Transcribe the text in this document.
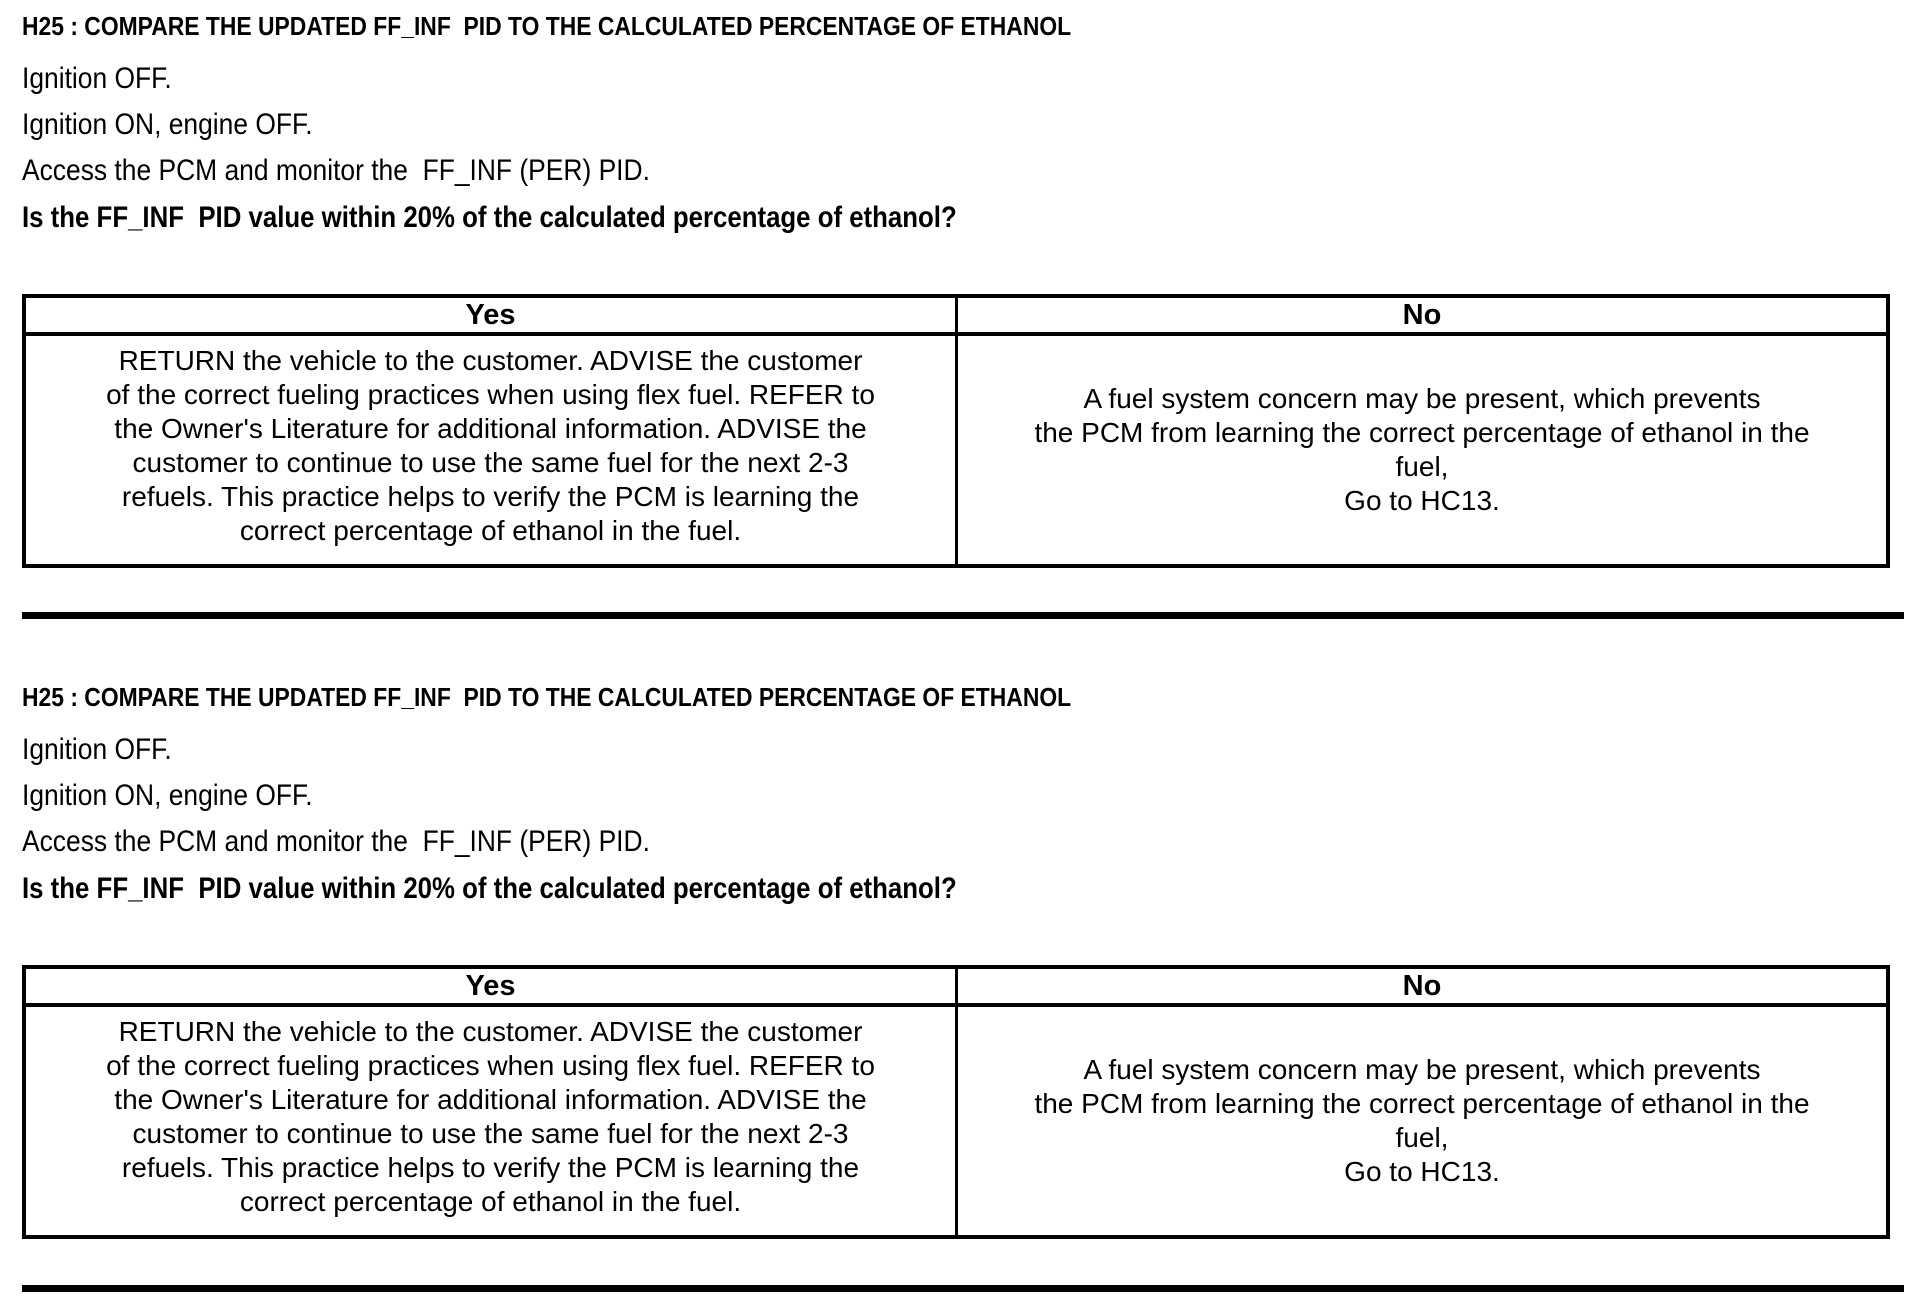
H25 : COMPARE THE UPDATED FF_INF  PID TO THE CALCULATED PERCENTAGE OF ETHANOL
Ignition OFF.
Ignition ON, engine OFF.
Access the PCM and monitor the  FF_INF (PER) PID.
Is the FF_INF  PID value within 20% of the calculated percentage of ethanol?
Yes	No
RETURN the vehicle to the customer. ADVISE the customer
of the correct fueling practices when using flex fuel. REFER to
the Owner's Literature for additional information. ADVISE the
customer to continue to use the same fuel for the next 2-3
refuels. This practice helps to verify the PCM is learning the
correct percentage of ethanol in the fuel.
A fuel system concern may be present, which prevents
the PCM from learning the correct percentage of ethanol in the
fuel,
Go to HC13.
H25 : COMPARE THE UPDATED FF_INF  PID TO THE CALCULATED PERCENTAGE OF ETHANOL
Ignition OFF.
Ignition ON, engine OFF.
Access the PCM and monitor the  FF_INF (PER) PID.
Is the FF_INF  PID value within 20% of the calculated percentage of ethanol?
Yes	No
RETURN the vehicle to the customer. ADVISE the customer
of the correct fueling practices when using flex fuel. REFER to
the Owner's Literature for additional information. ADVISE the
customer to continue to use the same fuel for the next 2-3
refuels. This practice helps to verify the PCM is learning the
correct percentage of ethanol in the fuel.
A fuel system concern may be present, which prevents
the PCM from learning the correct percentage of ethanol in the
fuel,
Go to HC13.
